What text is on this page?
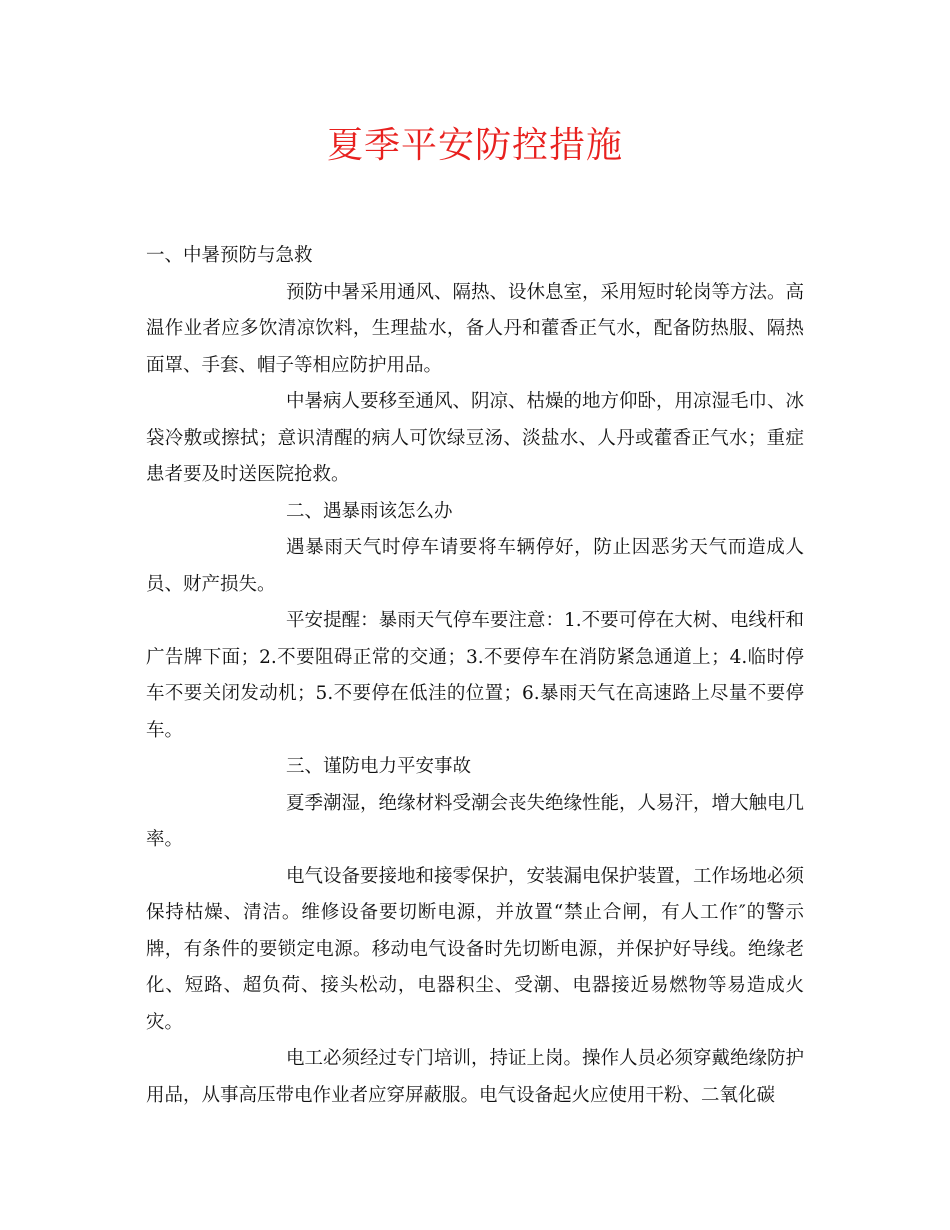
夏季平安防控措施

一、中暑预防与急救

预防中暑采用通风、隔热、设休息室，采用短时轮岗等方法。高温作业者应多饮清凉饮料，生理盐水，备人丹和藿香正气水，配备防热服、隔热面罩、手套、帽子等相应防护用品。

中暑病人要移至通风、阴凉、枯燥的地方仰卧，用凉湿毛巾、冰袋冷敷或擦拭；意识清醒的病人可饮绿豆汤、淡盐水、人丹或藿香正气水；重症患者要及时送医院抢救。

二、遇暴雨该怎么办

遇暴雨天气时停车请要将车辆停好，防止因恶劣天气而造成人员、财产损失。

平安提醒：暴雨天气停车要注意：1.不要可停在大树、电线杆和广告牌下面；2.不要阻碍正常的交通；3.不要停车在消防紧急通道上；4.临时停车不要关闭发动机；5.不要停在低洼的位置；6.暴雨天气在高速路上尽量不要停车。

三、谨防电力平安事故

夏季潮湿，绝缘材料受潮会丧失绝缘性能，人易汗，增大触电几率。

电气设备要接地和接零保护，安装漏电保护装置，工作场地必须保持枯燥、清洁。维修设备要切断电源，并放置“禁止合闸，有人工作″的警示牌，有条件的要锁定电源。移动电气设备时先切断电源，并保护好导线。绝缘老化、短路、超负荷、接头松动，电器积尘、受潮、电器接近易燃物等易造成火灾。

电工必须经过专门培训，持证上岗。操作人员必须穿戴绝缘防护用品，从事高压带电作业者应穿屏蔽服。电气设备起火应使用干粉、二氧化碳
